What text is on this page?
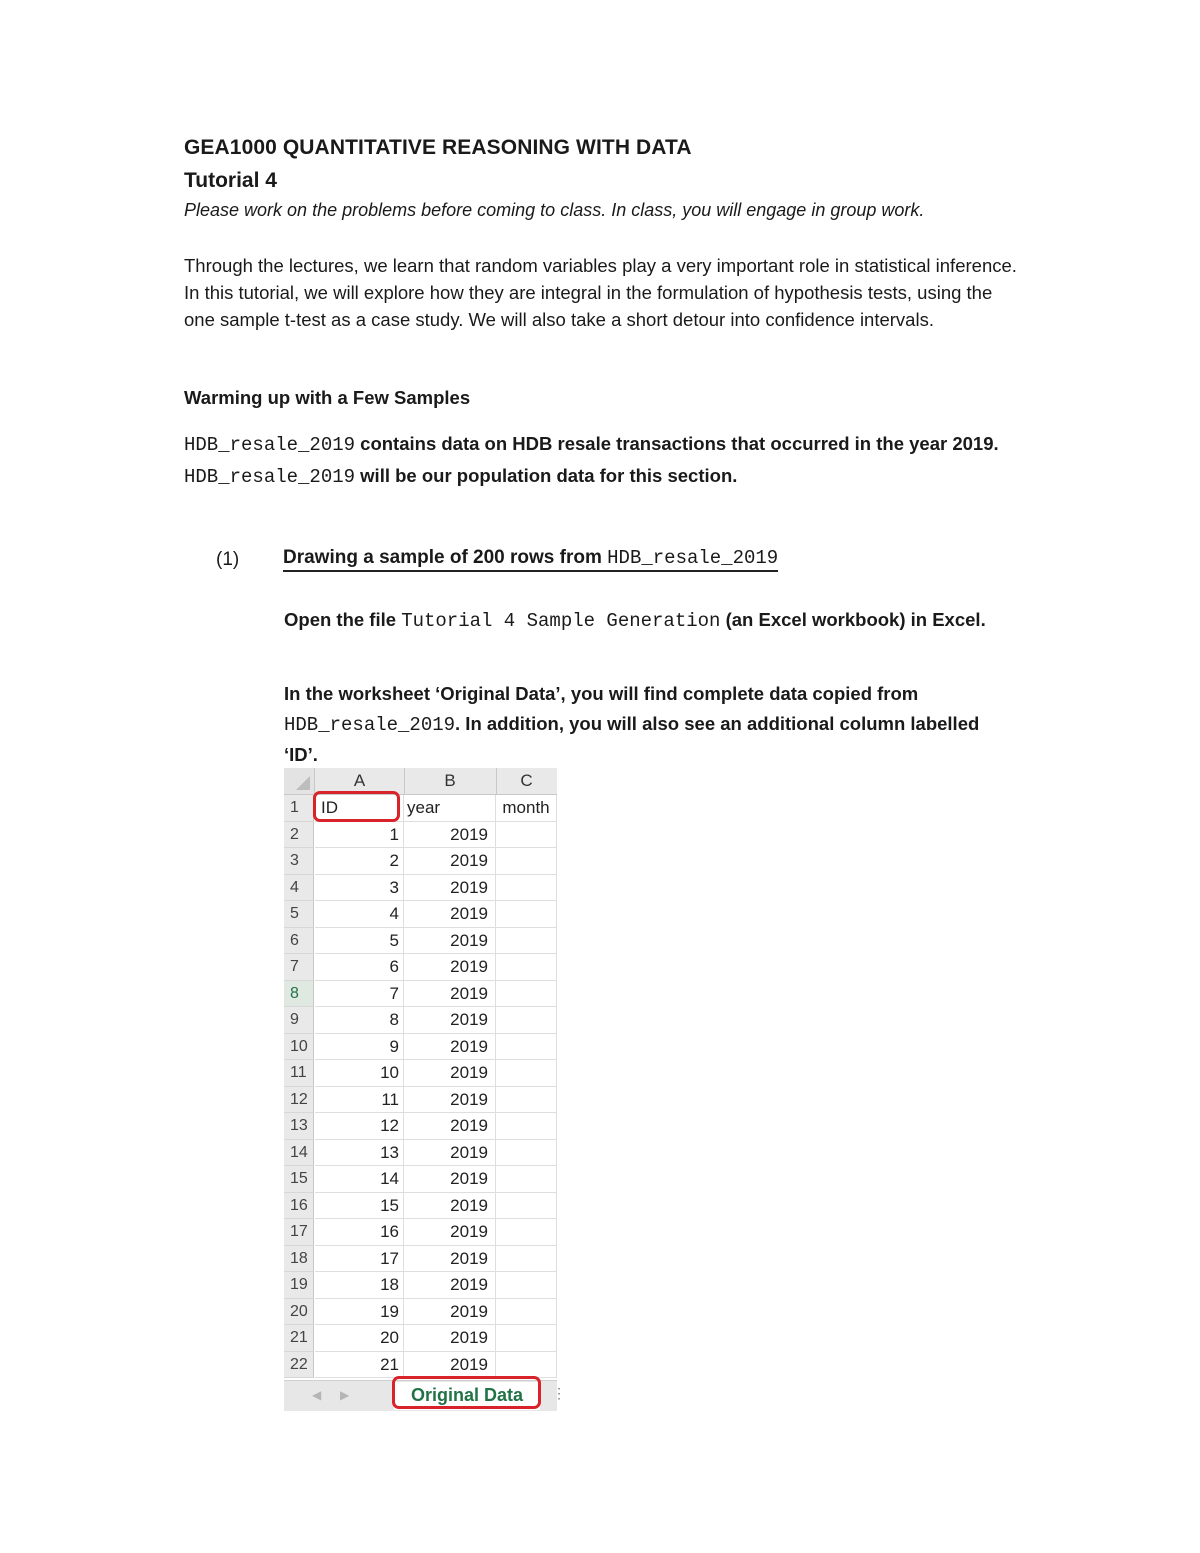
GEA1000 QUANTITATIVE REASONING WITH DATA
Tutorial 4
Please work on the problems before coming to class. In class, you will engage in group work.
Through the lectures, we learn that random variables play a very important role in statistical inference. In this tutorial, we will explore how they are integral in the formulation of hypothesis tests, using the one sample t-test as a case study. We will also take a short detour into confidence intervals.
Warming up with a Few Samples
HDB_resale_2019 contains data on HDB resale transactions that occurred in the year 2019. HDB_resale_2019 will be our population data for this section.
(1) Drawing a sample of 200 rows from HDB_resale_2019
Open the file Tutorial 4 Sample Generation (an Excel workbook) in Excel.
In the worksheet ‘Original Data’, you will find complete data copied from HDB_resale_2019. In addition, you will also see an additional column labelled ‘ID’.
A	B	C
1	ID	year	month
2	1	2019
3	2	2019
4	3	2019
5	4	2019
6	5	2019
7	6	2019
8	7	2019
9	8	2019
10	9	2019
11	10	2019
12	11	2019
13	12	2019
14	13	2019
15	14	2019
16	15	2019
17	16	2019
18	17	2019
19	18	2019
20	19	2019
21	20	2019
22	21	2019
◀ ▶	Original Data	⋮
